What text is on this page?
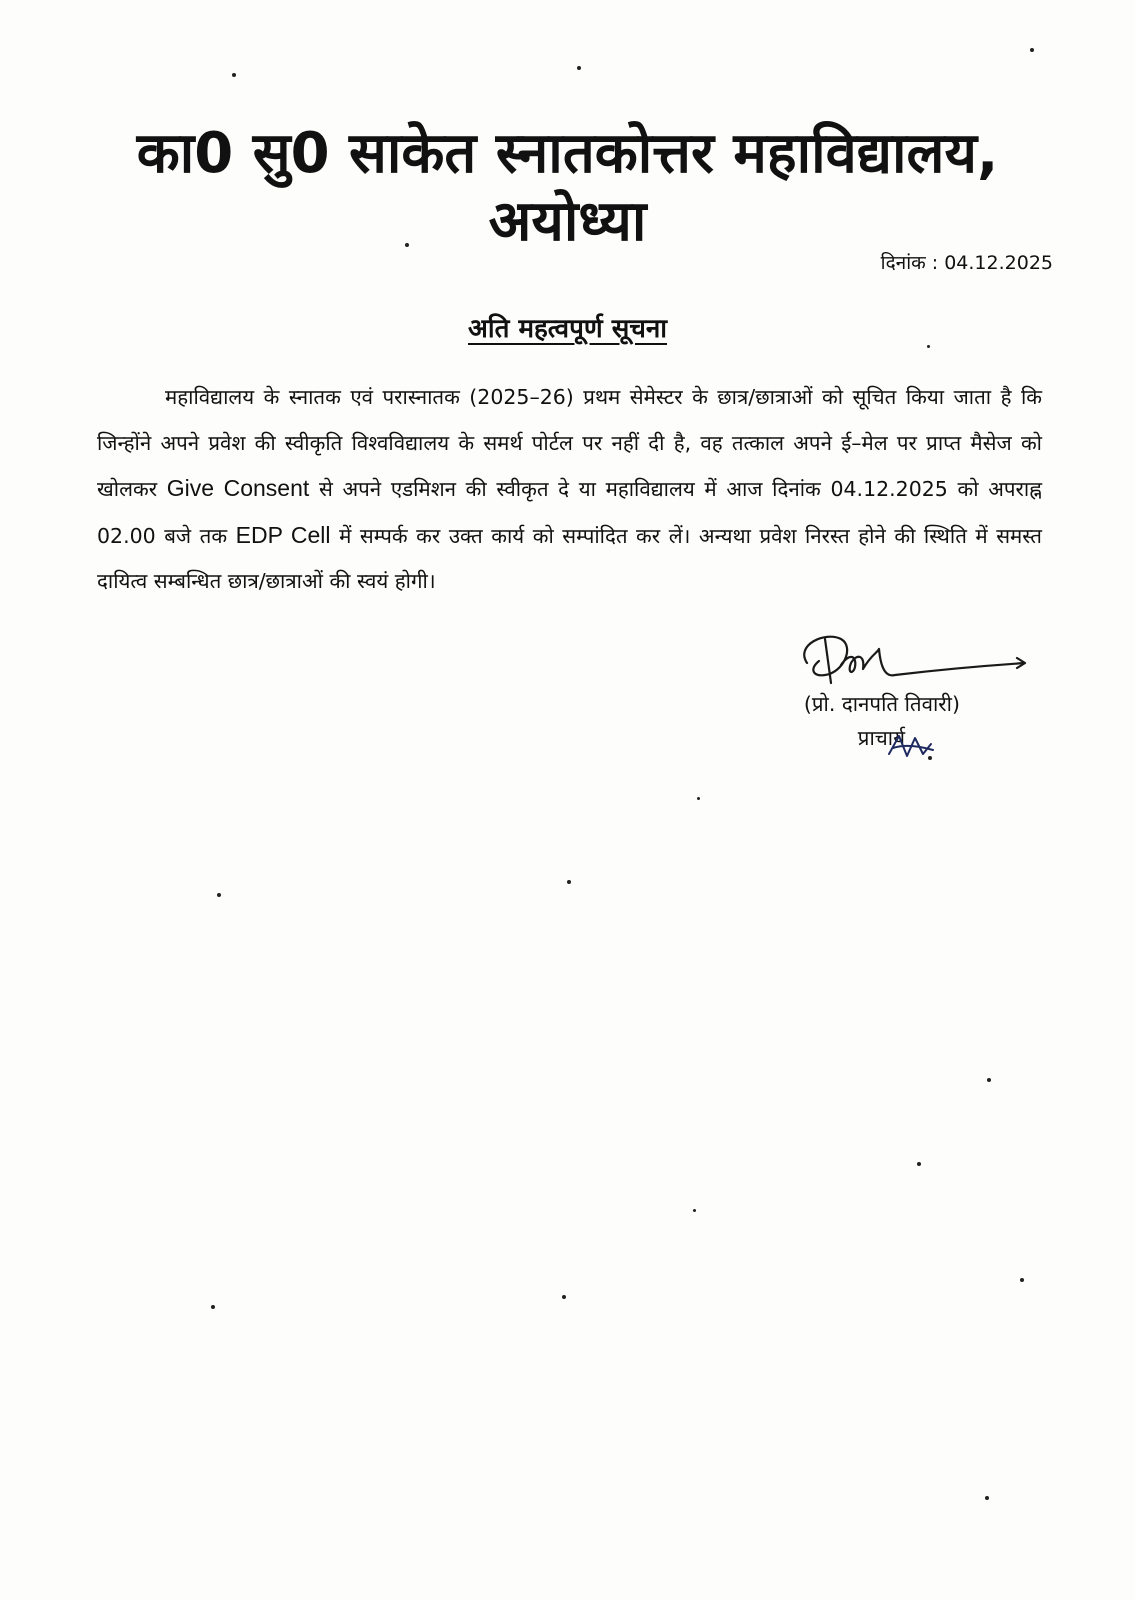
का0 सु0 साकेत स्नातकोत्तर महाविद्यालय,
अयोध्या
दिनांक : 04.12.2025
अति महत्वपूर्ण सूचना

महाविद्यालय के स्नातक एवं परास्नातक (2025–26) प्रथम सेमेस्टर के छात्र/छात्राओं को सूचित किया जाता है कि जिन्होंने अपने प्रवेश की स्वीकृति विश्वविद्यालय के समर्थ पोर्टल पर नहीं दी है, वह तत्काल अपने ई–मेल पर प्राप्त मैसेज को खोलकर Give Consent से अपने एडमिशन की स्वीकृत दे या महाविद्यालय में आज दिनांक 04.12.2025 को अपराह्न 02.00 बजे तक EDP Cell में सम्पर्क कर उक्त कार्य को सम्पांदित कर लें। अन्यथा प्रवेश निरस्त होने की स्थिति में समस्त दायित्व सम्बन्धित छात्र/छात्राओं की स्वयं होगी।

(प्रो. दानपति तिवारी)
प्राचार्य
